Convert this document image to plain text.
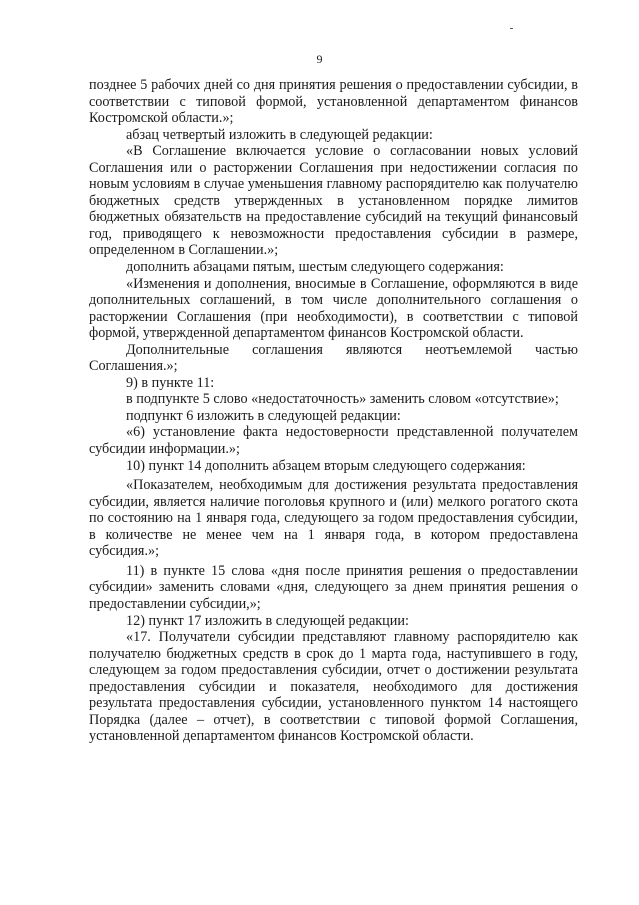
9

позднее 5 рабочих дней со дня принятия решения о предоставлении субсидии, в соответствии с типовой формой, установленной департаментом финансов Костромской области.»;

абзац четвертый изложить в следующей редакции:

«В Соглашение включается условие о согласовании новых условий Соглашения или о расторжении Соглашения при недостижении согласия по новым условиям в случае уменьшения главному распорядителю как получателю бюджетных средств утвержденных в установленном порядке лимитов бюджетных обязательств на предоставление субсидий на текущий финансовый год, приводящего к невозможности предоставления субсидии в размере, определенном в Соглашении.»;

дополнить абзацами пятым, шестым следующего содержания:

«Изменения и дополнения, вносимые в Соглашение, оформляются в виде дополнительных соглашений, в том числе дополнительного соглашения о расторжении Соглашения (при необходимости), в соответствии с типовой формой, утвержденной департаментом финансов Костромской области.

Дополнительные соглашения являются неотъемлемой частью Соглашения.»;

9) в пункте 11:

в подпункте 5 слово «недостаточность» заменить словом «отсутствие»;

подпункт 6 изложить в следующей редакции:

«6) установление факта недостоверности представленной получателем субсидии информации.»;

10) пункт 14 дополнить абзацем вторым следующего содержания:

«Показателем, необходимым для достижения результата предоставления субсидии, является наличие поголовья крупного и (или) мелкого рогатого скота по состоянию на 1 января года, следующего за годом предоставления субсидии, в количестве не менее чем на 1 января года, в котором предоставлена субсидия.»;

11) в пункте 15 слова «дня после принятия решения о предоставлении субсидии» заменить словами «дня, следующего за днем принятия решения о предоставлении субсидии,»;

12) пункт 17 изложить в следующей редакции:

«17. Получатели субсидии представляют главному распорядителю как получателю бюджетных средств в срок до 1 марта года, наступившего в году, следующем за годом предоставления субсидии, отчет о достижении результата предоставления субсидии и показателя, необходимого для достижения результата предоставления субсидии, установленного пунктом 14 настоящего Порядка (далее – отчет), в соответствии с типовой формой Соглашения, установленной департаментом финансов Костромской области.
